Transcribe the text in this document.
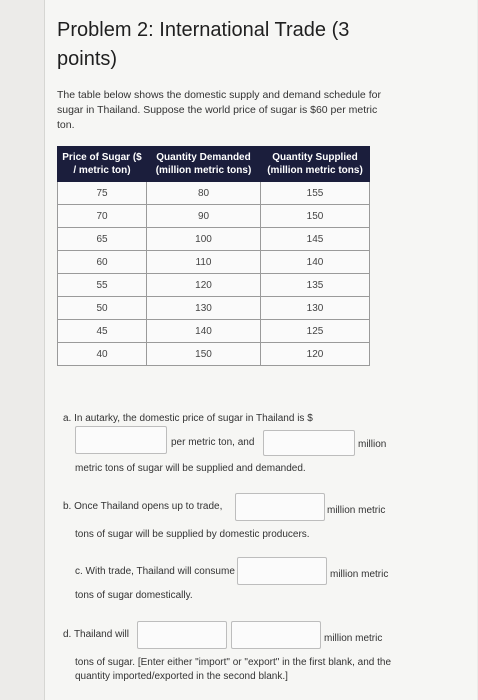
Problem 2: International Trade (3 points)
The table below shows the domestic supply and demand schedule for sugar in Thailand. Suppose the world price of sugar is $60 per metric ton.
Price of Sugar ($ / metric ton)	Quantity Demanded (million metric tons)	Quantity Supplied (million metric tons)
75	80	155
70	90	150
65	100	145
60	110	140
55	120	135
50	130	130
45	140	125
40	150	120
a. In autarky, the domestic price of sugar in Thailand is $
per metric ton, and	million
metric tons of sugar will be supplied and demanded.
b. Once Thailand opens up to trade,	million metric
tons of sugar will be supplied by domestic producers.
c. With trade, Thailand will consume	million metric
tons of sugar domestically.
d. Thailand will	million metric
tons of sugar. [Enter either "import" or "export" in the first blank, and the quantity imported/exported in the second blank.]
